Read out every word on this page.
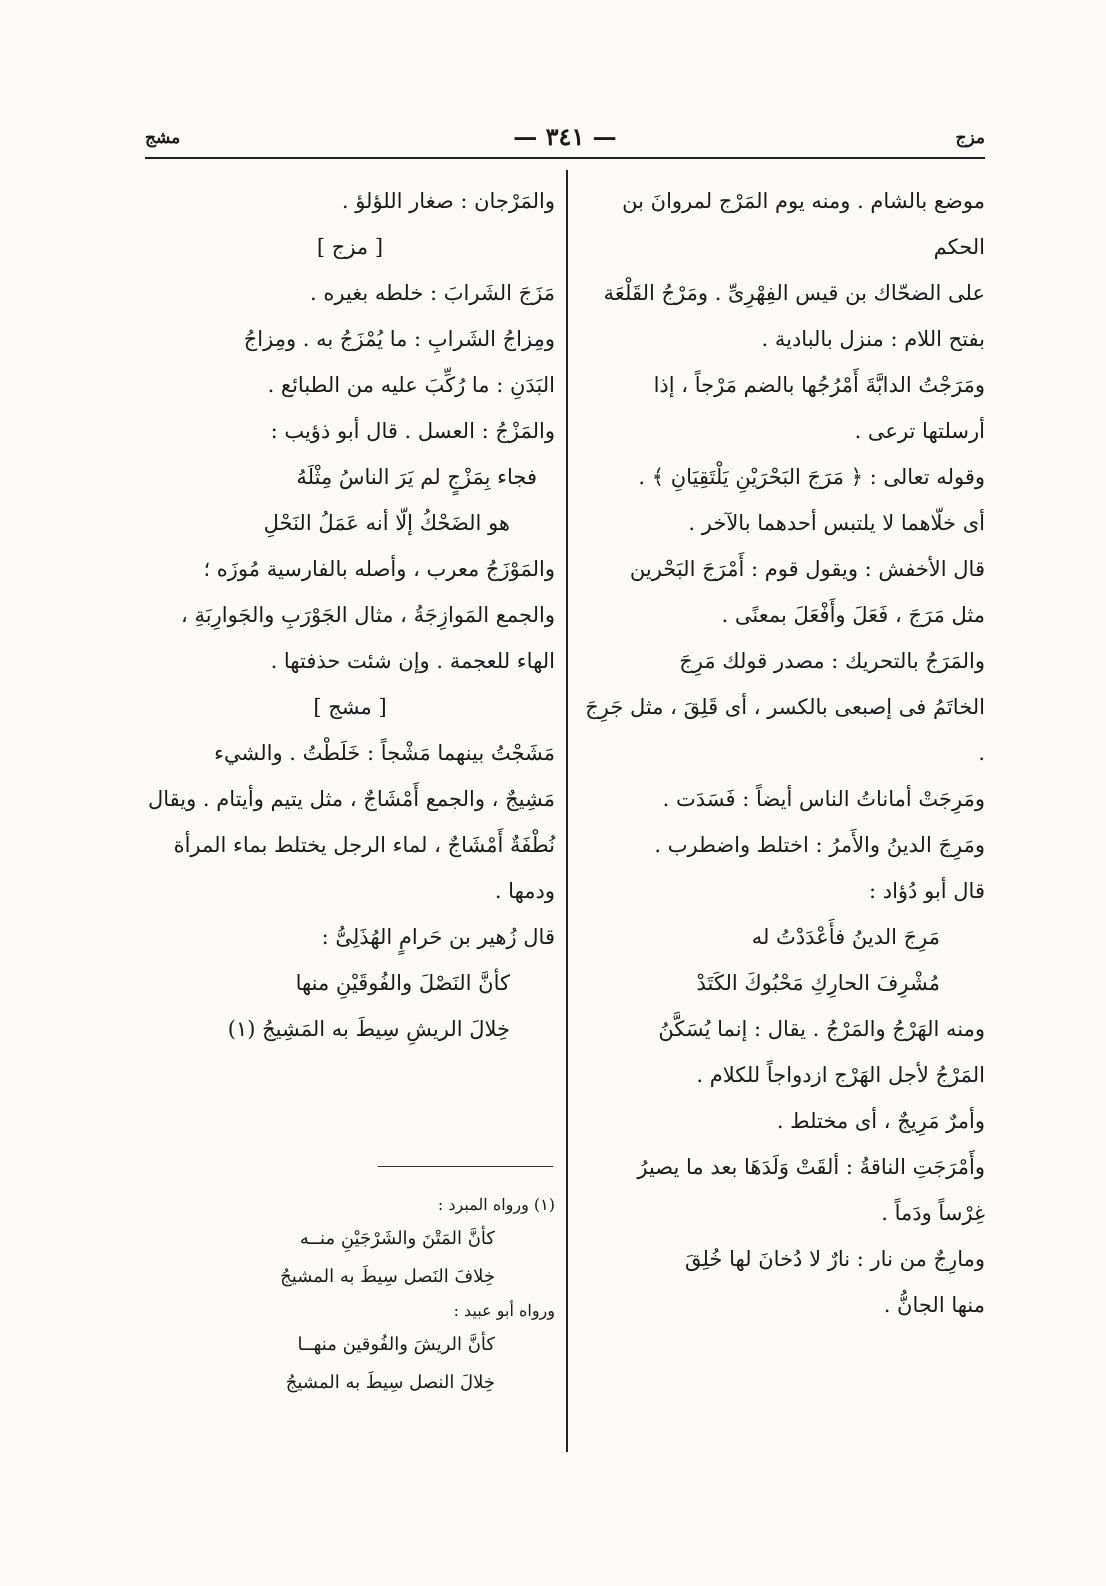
مزج
— ٣٤١ —
مشج

موضع بالشام . ومنه يوم المَرْج لمروانَ بن الحكم

على الضحّاك بن قيس الفِهْرِىِّ . ومَرْجُ القَلْعَة

بفتح اللام : منزل بالبادية .

ومَرَجْتُ الدابَّةَ أَمْرُجُها بالضم مَرْجاً ، إذا

أرسلتها ترعى .

وقوله تعالى : ﴿ مَرَجَ البَحْرَيْنِ يَلْتَقِيَانِ ﴾ .

أى خلّاهما لا يلتبس أحدهما بالآخر .

قال الأخفش : ويقول قوم : أَمْرَجَ البَحْرين

مثل مَرَجَ ، فَعَلَ وأَفْعَلَ بمعنًى .

والمَرَجُ بالتحريك : مصدر قولك مَرِجَ

الخاتَمُ فى إصبعى بالكسر ، أى قَلِقَ ، مثل جَرِجَ .

ومَرِجَتْ أماناتُ الناس أيضاً : فَسَدَت .

ومَرِجَ الدينُ والأَمرُ : اختلط واضطرب .

قال أبو دُؤاد :

مَرِجَ الدينُ فأَعْدَدْتُ له

مُشْرِفَ الحارِكِ مَحْبُوكَ الكَتَدْ

ومنه الهَرْجُ والمَرْجُ . يقال : إنما يُسَكَّنُ

المَرْجُ لأجل الهَرْج ازدواجاً للكلام .

وأمرٌ مَرِيجٌ ، أى مختلط .

وأَمْرَجَتِ الناقةُ : ألقَتْ وَلَدَهَا بعد ما يصيرُ

غِرْساً ودَماً .

ومارِجٌ من نار : نارٌ لا دُخانَ لها خُلِقَ

منها الجانُّ .

والمَرْجان : صغار اللؤلؤ .

[ مزج ]

مَزَجَ الشَرابَ : خلطه بغيره .

ومِزاجُ الشَرابِ : ما يُمْزَجُ به . ومِزاجُ

البَدَنِ : ما رُكِّبَ عليه من الطبائع .

والمَزْجُ : العسل . قال أبو ذؤيب :

فجاء بِمَزْجٍ لم يَرَ الناسُ مِثْلَهُ

هو الضَحْكُ إلّا أنه عَمَلُ النَحْلِ

والمَوْزَجُ معرب ، وأصله بالفارسية مُوزَه ؛

والجمع المَوازِجَةُ ، مثال الجَوْرَبِ والجَوارِبَةِ ،

الهاء للعجمة . وإن شئت حذفتها .

[ مشج ]

مَشَجْتُ بينهما مَشْجاً : خَلَطْتُ . والشيء

مَشِيجٌ ، والجمع أَمْشَاجٌ ، مثل يتيم وأيتام . ويقال

نُطْفَةٌ أَمْشَاجٌ ، لماء الرجل يختلط بماء المرأة ودمها .

قال زُهير بن حَرامٍ الهُذَلِىُّ :

كأنَّ النَصْلَ والفُوقَيْنِ منها

خِلالَ الريشِ سِيطَ به المَشِيجُ (١)

(١) ورواه المبرد :

كأنَّ المَتْنَ والشَرْجَيْنِ منــه

خِلافَ النَصل سِيطَ به المشيجُ

ورواه أبو عبيد :

كأنَّ الريشَ والفُوقين منهــا

خِلالَ النصل سِيطَ به المشيجُ
